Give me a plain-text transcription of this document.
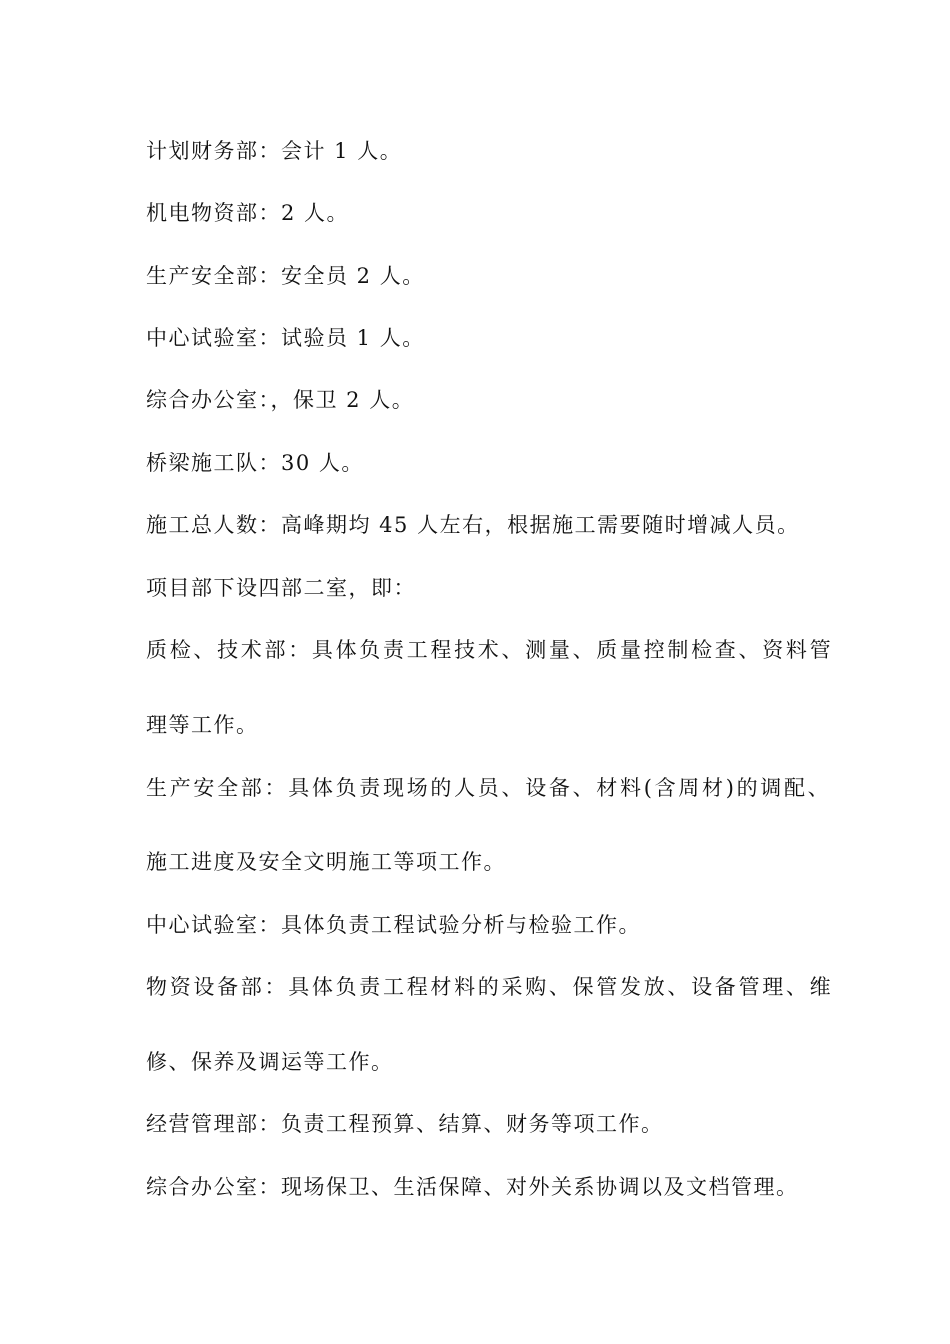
计划财务部：会计 1 人。

机电物资部：2 人。

生产安全部：安全员 2 人。

中心试验室：试验员 1 人。

综合办公室：，保卫 2 人。

桥梁施工队：30 人。

施工总人数：高峰期均 45 人左右，根据施工需要随时增减人员。

项目部下设四部二室，即：

质检、技术部：具体负责工程技术、测量、质量控制检查、资料管

理等工作。

生产安全部：具体负责现场的人员、设备、材料(含周材)的调配、

施工进度及安全文明施工等项工作。

中心试验室：具体负责工程试验分析与检验工作。

物资设备部：具体负责工程材料的采购、保管发放、设备管理、维

修、保养及调运等工作。

经营管理部：负责工程预算、结算、财务等项工作。

综合办公室：现场保卫、生活保障、对外关系协调以及文档管理。
